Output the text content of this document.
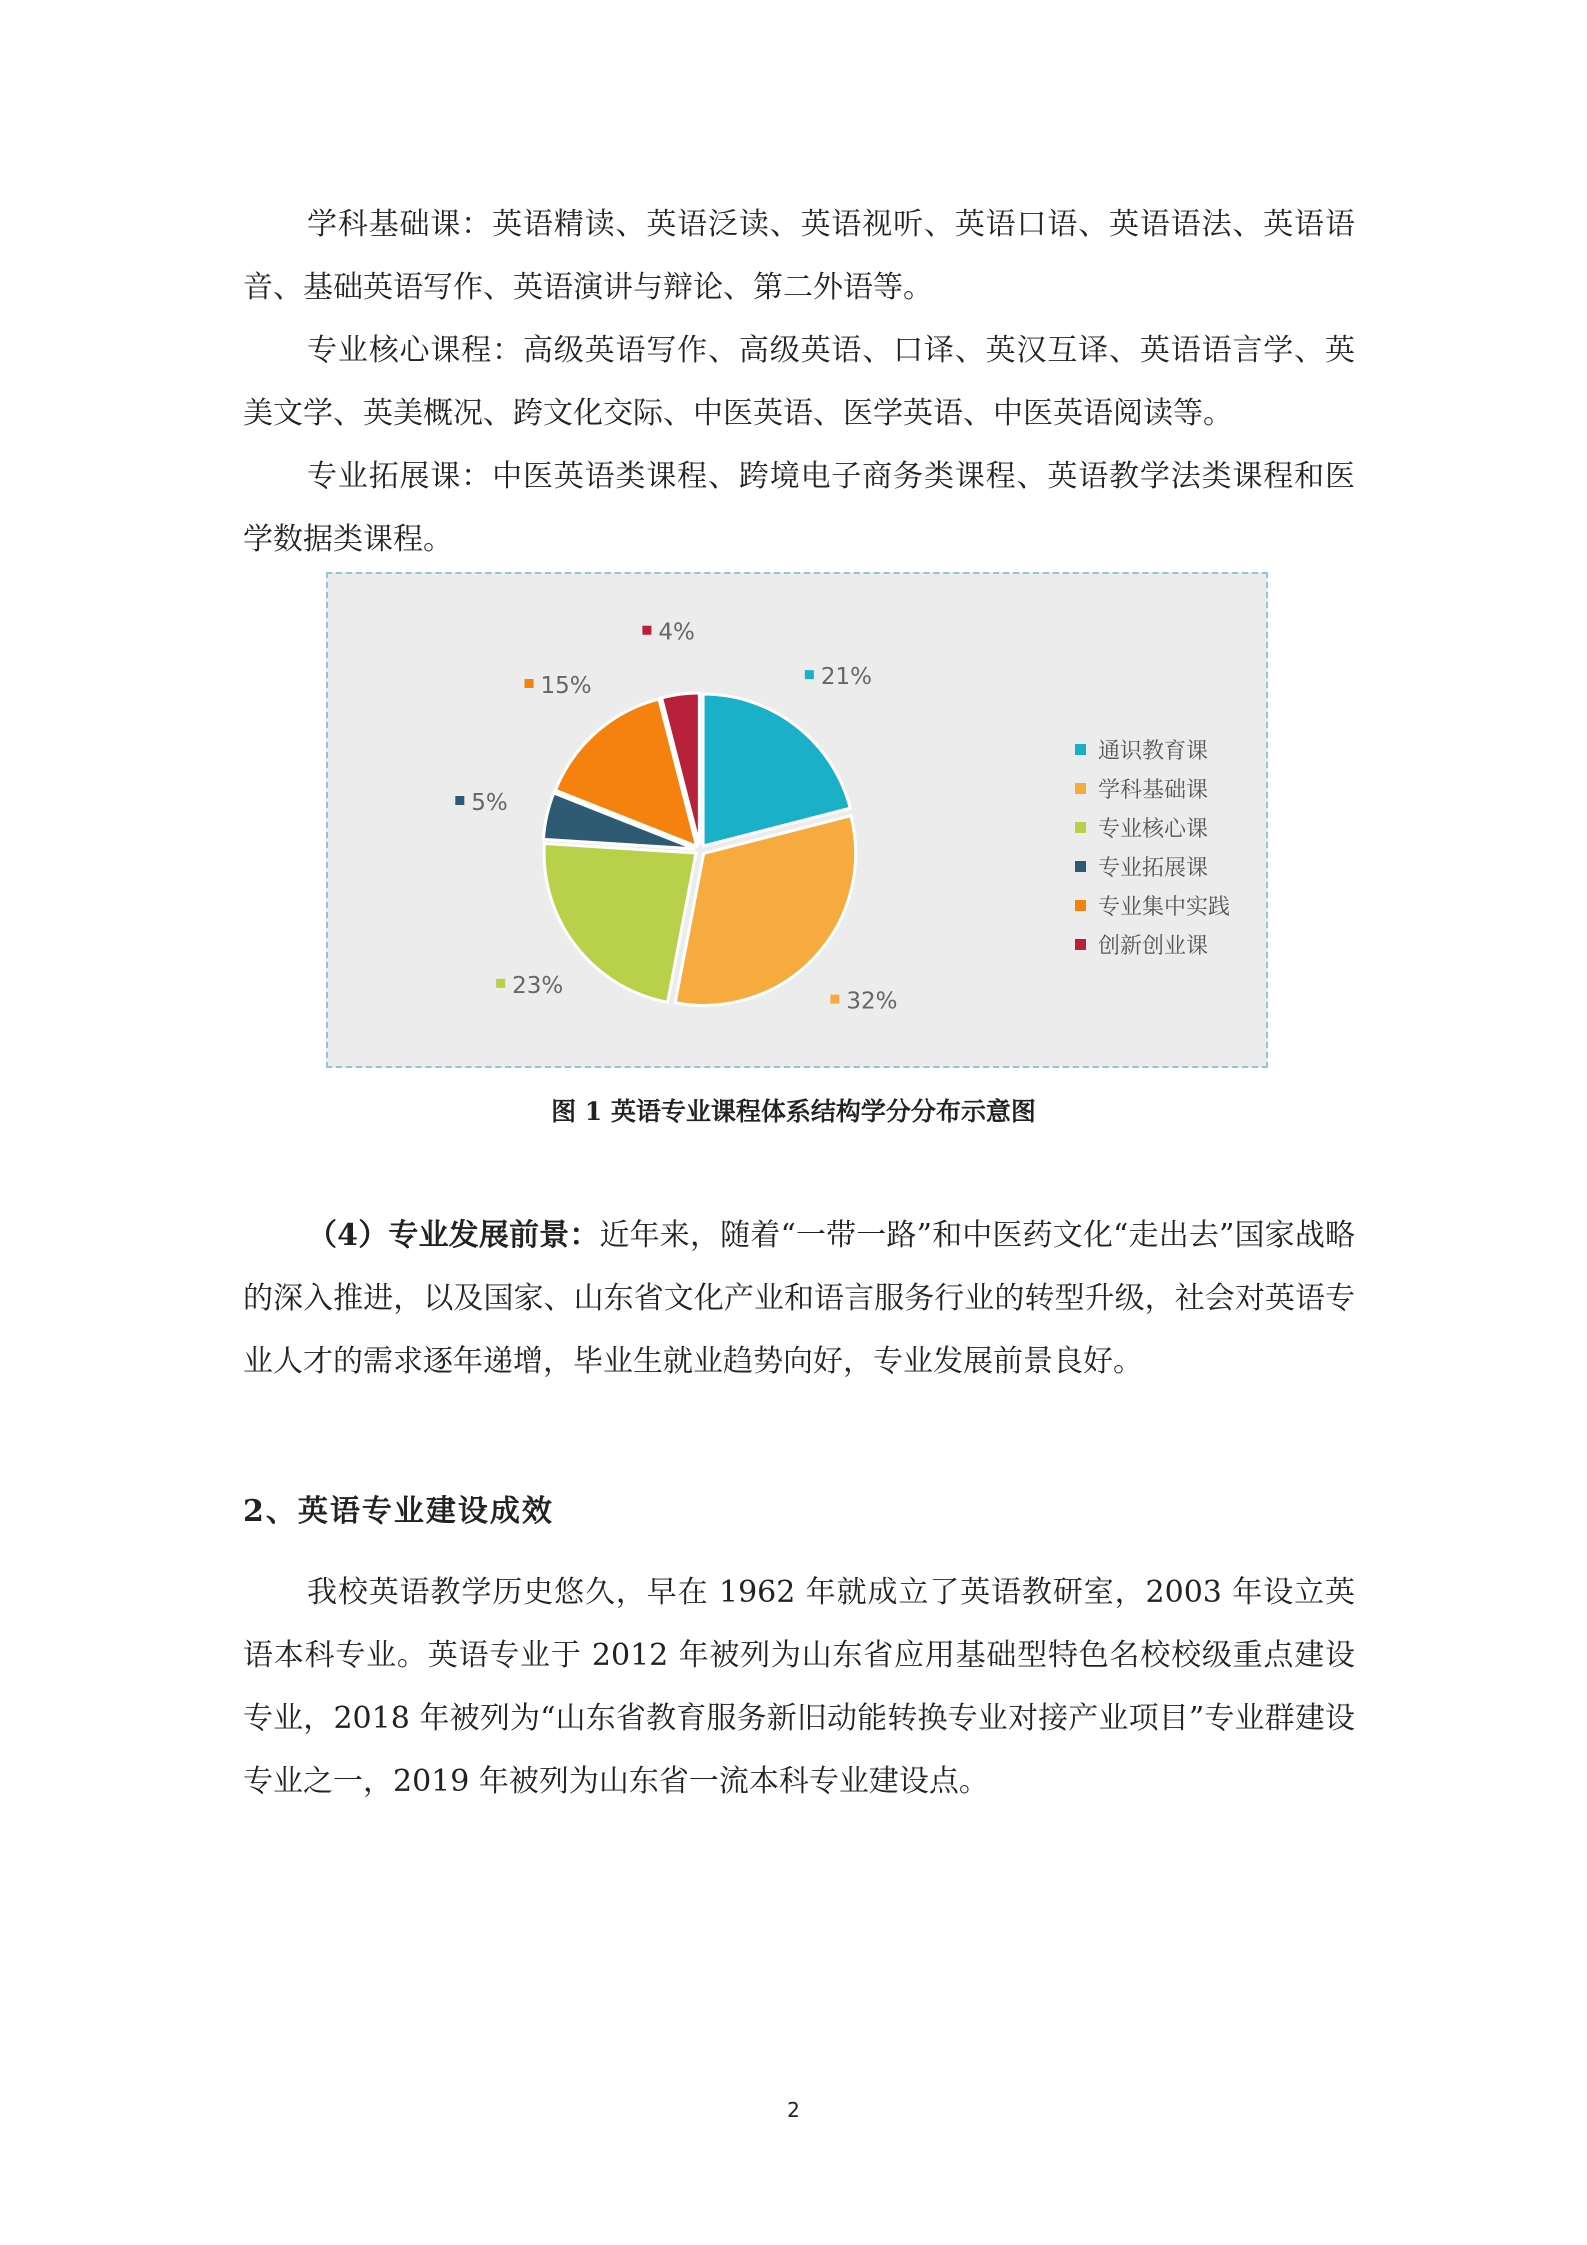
学科基础课：英语精读、英语泛读、英语视听、英语口语、英语语法、英语语音、基础英语写作、英语演讲与辩论、第二外语等。

专业核心课程：高级英语写作、高级英语、口译、英汉互译、英语语言学、英美文学、英美概况、跨文化交际、中医英语、医学英语、中医英语阅读等。

专业拓展课：中医英语类课程、跨境电子商务类课程、英语教学法类课程和医学数据类课程。

21%
32%
23%
5%
15%
4%
通识教育课
学科基础课
专业核心课
专业拓展课
专业集中实践
创新创业课
图 1 英语专业课程体系结构学分分布示意图

（4）专业发展前景：近年来，随着“一带一路”和中医药文化“走出去”国家战略的深入推进，以及国家、山东省文化产业和语言服务行业的转型升级，社会对英语专业人才的需求逐年递增，毕业生就业趋势向好，专业发展前景良好。

2、英语专业建设成效

我校英语教学历史悠久，早在 1962 年就成立了英语教研室，2003 年设立英语本科专业。英语专业于 2012 年被列为山东省应用基础型特色名校校级重点建设专业，2018 年被列为“山东省教育服务新旧动能转换专业对接产业项目”专业群建设专业之一，2019 年被列为山东省一流本科专业建设点。

2
